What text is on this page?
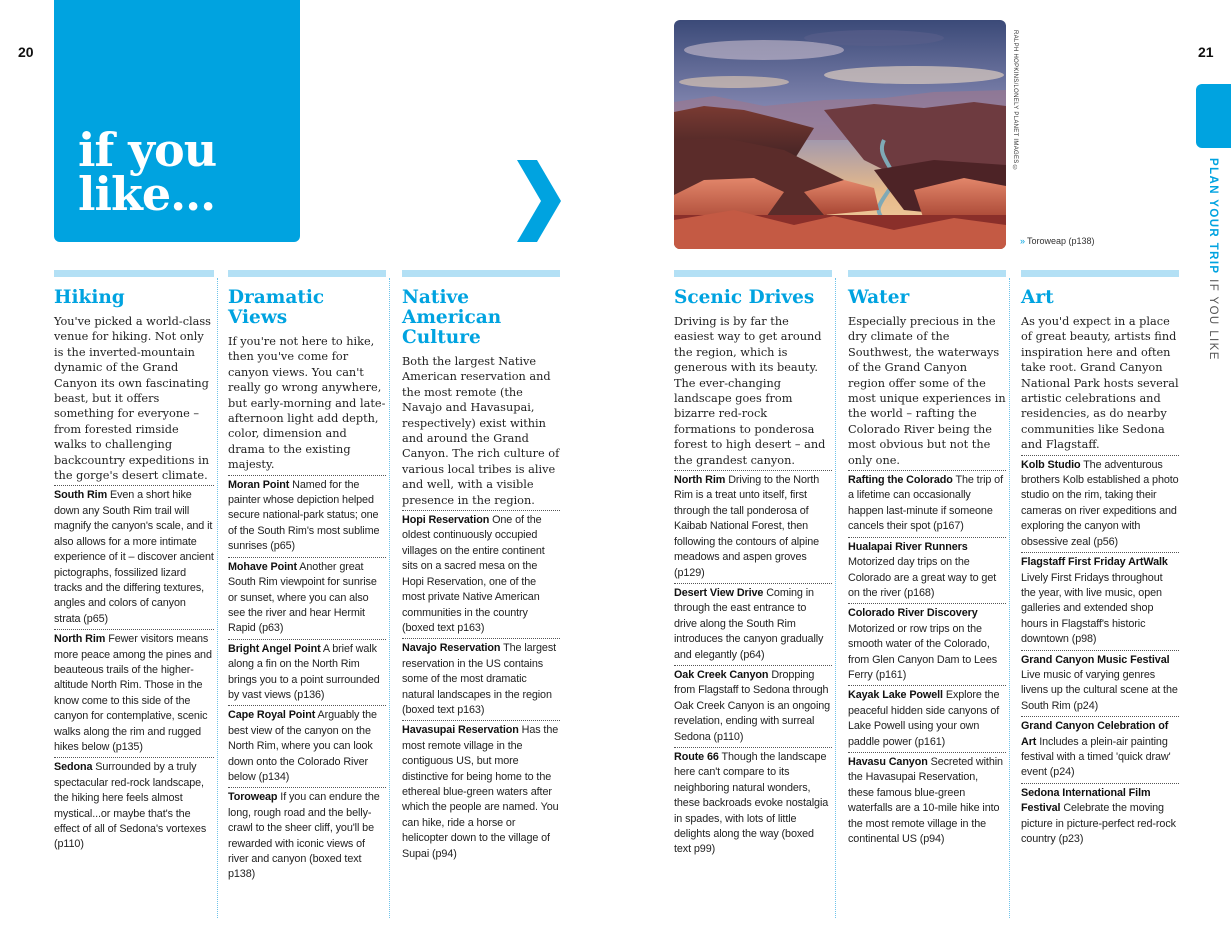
20	21
if you
like...
RALPH HOPKINS/LONELY PLANET IMAGES ©
» Toroweap (p138)	PLAN YOUR TRIP IF YOU LIKE
Hiking
You've picked a world-class venue for hiking. Not only is the inverted-mountain dynamic of the Grand Canyon its own fascinating beast, but it offers something for everyone – from forested rimside walks to challenging backcountry expeditions in the gorge's desert climate.
South Rim Even a short hike down any South Rim trail will magnify the canyon's scale, and it also allows for a more intimate experience of it – discover ancient pictographs, fossilized lizard tracks and the differing textures, angles and colors of canyon strata (p65)
North Rim Fewer visitors means more peace among the pines and beauteous trails of the higher-altitude North Rim. Those in the know come to this side of the canyon for contemplative, scenic walks along the rim and rugged hikes below (p135)
Sedona Surrounded by a truly spectacular red-rock landscape, the hiking here feels almost mystical...or maybe that's the effect of all of Sedona's vortexes (p110)
Dramatic Views
If you're not here to hike, then you've come for canyon views. You can't really go wrong anywhere, but early-morning and late-afternoon light add depth, color, dimension and drama to the existing majesty.
Moran Point Named for the painter whose depiction helped secure national-park status; one of the South Rim's most sublime sunrises (p65)
Mohave Point Another great South Rim viewpoint for sunrise or sunset, where you can also see the river and hear Hermit Rapid (p63)
Bright Angel Point A brief walk along a fin on the North Rim brings you to a point surrounded by vast views (p136)
Cape Royal Point Arguably the best view of the canyon on the North Rim, where you can look down onto the Colorado River below (p134)
Toroweap If you can endure the long, rough road and the belly-crawl to the sheer cliff, you'll be rewarded with iconic views of river and canyon (boxed text p138)
Native American Culture
Both the largest Native American reservation and the most remote (the Navajo and Havasupai, respectively) exist within and around the Grand Canyon. The rich culture of various local tribes is alive and well, with a visible presence in the region.
Hopi Reservation One of the oldest continuously occupied villages on the entire continent sits on a sacred mesa on the Hopi Reservation, one of the most private Native American communities in the country (boxed text p163)
Navajo Reservation The largest reservation in the US contains some of the most dramatic natural landscapes in the region (boxed text p163)
Havasupai Reservation Has the most remote village in the contiguous US, but more distinctive for being home to the ethereal blue-green waters after which the people are named. You can hike, ride a horse or helicopter down to the village of Supai (p94)
Scenic Drives
Driving is by far the easiest way to get around the region, which is generous with its beauty. The ever-changing landscape goes from bizarre red-rock formations to ponderosa forest to high desert – and the grandest canyon.
North Rim Driving to the North Rim is a treat unto itself, first through the tall ponderosa of Kaibab National Forest, then following the contours of alpine meadows and aspen groves (p129)
Desert View Drive Coming in through the east entrance to drive along the South Rim introduces the canyon gradually and elegantly (p64)
Oak Creek Canyon Dropping from Flagstaff to Sedona through Oak Creek Canyon is an ongoing revelation, ending with surreal Sedona (p110)
Route 66 Though the landscape here can't compare to its neighboring natural wonders, these backroads evoke nostalgia in spades, with lots of little delights along the way (boxed text p99)
Water
Especially precious in the dry climate of the Southwest, the waterways of the Grand Canyon region offer some of the most unique experiences in the world – rafting the Colorado River being the most obvious but not the only one.
Rafting the Colorado The trip of a lifetime can occasionally happen last-minute if someone cancels their spot (p167)
Hualapai River Runners Motorized day trips on the Colorado are a great way to get on the river (p168)
Colorado River Discovery Motorized or row trips on the smooth water of the Colorado, from Glen Canyon Dam to Lees Ferry (p161)
Kayak Lake Powell Explore the peaceful hidden side canyons of Lake Powell using your own paddle power (p161)
Havasu Canyon Secreted within the Havasupai Reservation, these famous blue-green waterfalls are a 10-mile hike into the most remote village in the continental US (p94)
Art
As you'd expect in a place of great beauty, artists find inspiration here and often take root. Grand Canyon National Park hosts several artistic celebrations and residencies, as do nearby communities like Sedona and Flagstaff.
Kolb Studio The adventurous brothers Kolb established a photo studio on the rim, taking their cameras on river expeditions and exploring the canyon with obsessive zeal (p56)
Flagstaff First Friday ArtWalk Lively First Fridays throughout the year, with live music, open galleries and extended shop hours in Flagstaff's historic downtown (p98)
Grand Canyon Music Festival Live music of varying genres livens up the cultural scene at the South Rim (p24)
Grand Canyon Celebration of Art Includes a plein-air painting festival with a timed 'quick draw' event (p24)
Sedona International Film Festival Celebrate the moving picture in picture-perfect red-rock country (p23)
